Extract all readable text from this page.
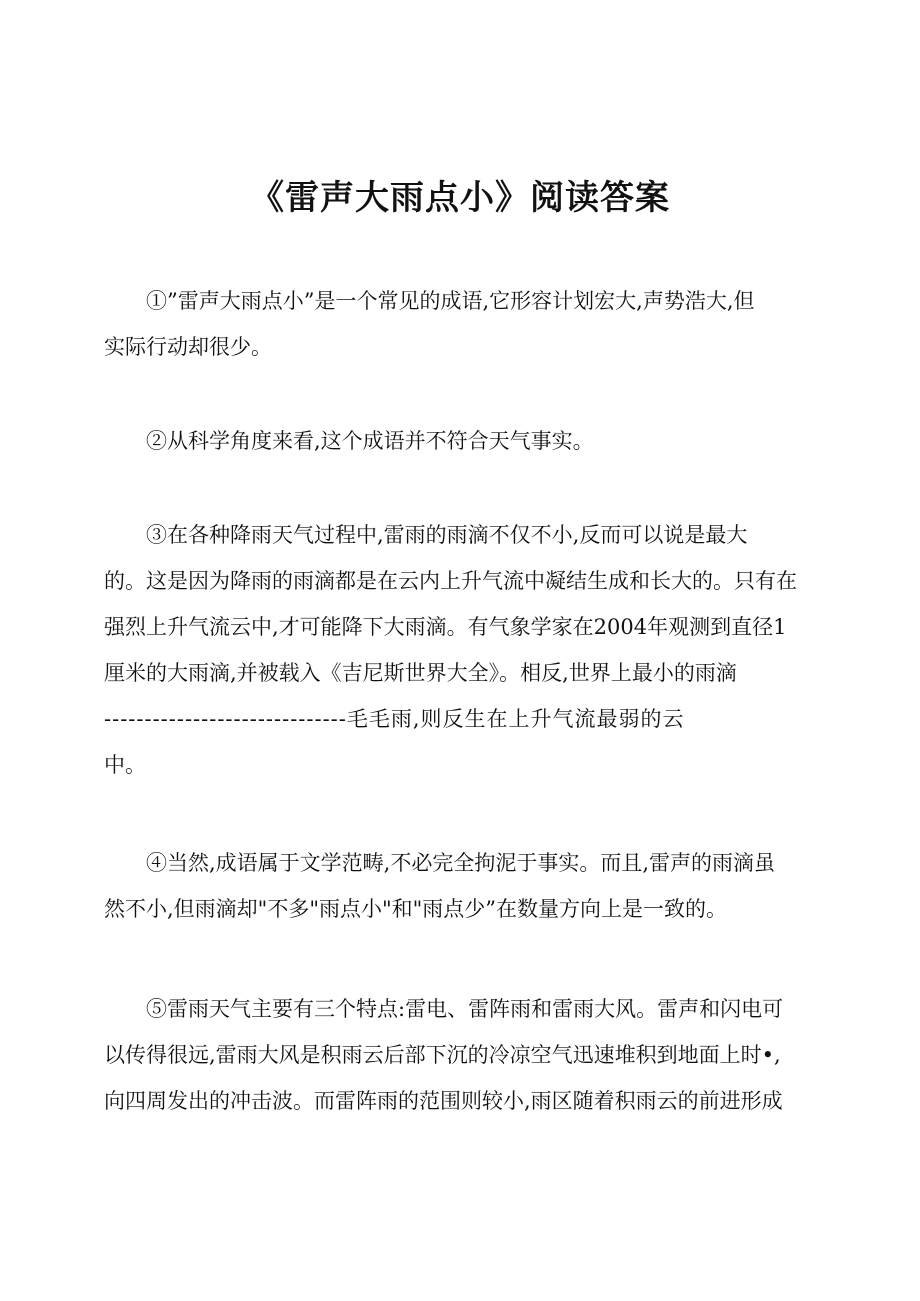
《雷声大雨点小》阅读答案

①”雷声大雨点小”是一个常见的成语,它形容计划宏大,声势浩大,但
实际行动却很少。

②从科学角度来看,这个成语并不符合天气事实。

③在各种降雨天气过程中,雷雨的雨滴不仅不小,反而可以说是最大
的。这是因为降雨的雨滴都是在云内上升气流中凝结生成和长大的。只有在
强烈上升气流云中,才可能降下大雨滴。有气象学家在2004年观测到直径1
厘米的大雨滴,并被载入《吉尼斯世界大全》。相反,世界上最小的雨滴
------------------------------毛毛雨,则反生在上升气流最弱的云
中。

④当然,成语属于文学范畴,不必完全拘泥于事实。而且,雷声的雨滴虽
然不小,但雨滴却"不多"雨点小"和"雨点少”在数量方向上是一致的。

⑤雷雨天气主要有三个特点:雷电、雷阵雨和雷雨大风。雷声和闪电可
以传得很远,雷雨大风是积雨云后部下沉的冷凉空气迅速堆积到地面上时•,
向四周发出的冲击波。而雷阵雨的范围则较小,雨区随着积雨云的前进形成
